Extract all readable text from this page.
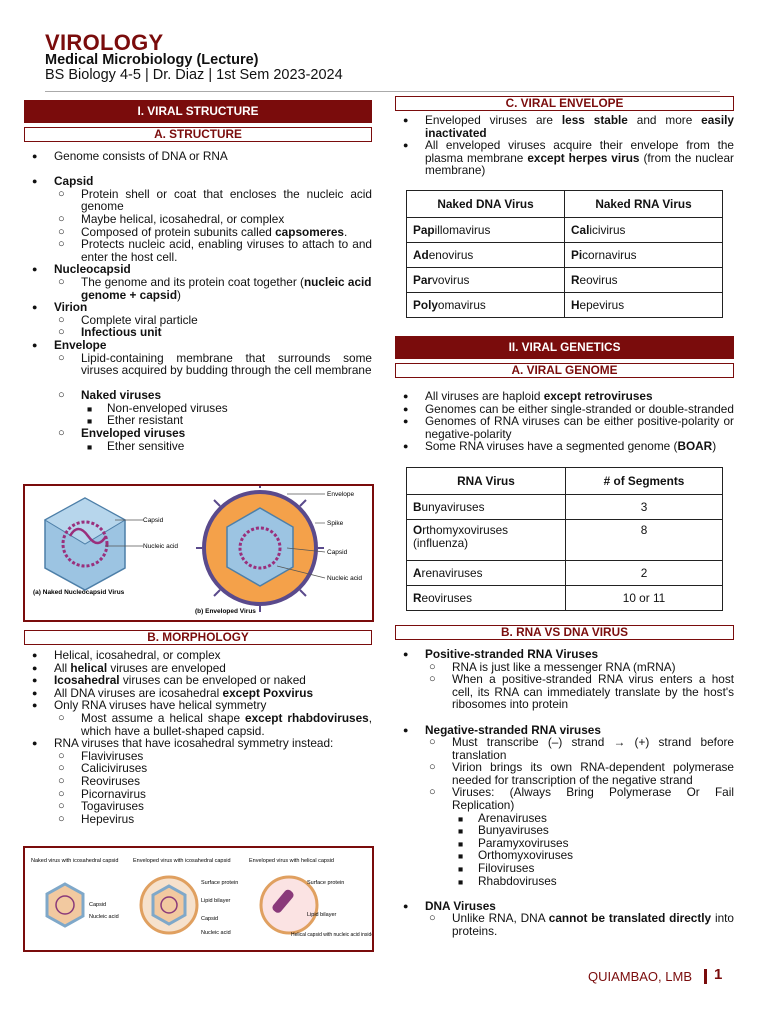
VIROLOGY
Medical Microbiology (Lecture)
BS Biology 4-5 | Dr. Diaz | 1st Sem 2023-2024
I. VIRAL STRUCTURE
A. STRUCTURE
● Genome consists of DNA or RNA
● Capsid
○ Protein shell or coat that encloses the nucleic acid genome
○ Maybe helical, icosahedral, or complex
○ Composed of protein subunits called capsomeres.
○ Protects nucleic acid, enabling viruses to attach to and enter the host cell.
● Nucleocapsid
○ The genome and its protein coat together (nucleic acid genome + capsid)
● Virion
○ Complete viral particle
○ Infectious unit
● Envelope
○ Lipid-containing membrane that surrounds some viruses acquired by budding through the cell membrane
○ Naked viruses
■ Non-enveloped viruses
■ Ether resistant
○ Enveloped viruses
■ Ether sensitive
Capsid
Nucleic acid
Envelope
Spike
Capsid
Nucleic acid
(a) Naked Nucleocapsid Virus
(b) Enveloped Virus
B. MORPHOLOGY
● Helical, icosahedral, or complex
● All helical viruses are enveloped
● Icosahedral viruses can be enveloped or naked
● All DNA viruses are icosahedral except Poxvirus
● Only RNA viruses have helical symmetry
○ Most assume a helical shape except rhabdoviruses, which have a bullet-shaped capsid.
● RNA viruses that have icosahedral symmetry instead:
○ Flaviviruses
○ Caliciviruses
○ Reoviruses
○ Picornavirus
○ Togaviruses
○ Hepevirus
Naked virus with icosahedral capsid	Enveloped virus with icosahedral capsid	Enveloped virus with helical capsid
Capsid
Nucleic acid
Surface protein
Lipid bilayer
Capsid
Nucleic acid
Surface protein
Lipid bilayer
Helical capsid with nucleic acid inside
C. VIRAL ENVELOPE
● Enveloped viruses are less stable and more easily inactivated
● All enveloped viruses acquire their envelope from the plasma membrane except herpes virus (from the nuclear membrane)
Naked DNA Virus	Naked RNA Virus
Papillomavirus	Calicivirus
Adenovirus	Picornavirus
Parvovirus	Reovirus
Polyomavirus	Hepevirus
II. VIRAL GENETICS
A. VIRAL GENOME
● All viruses are haploid except retroviruses
● Genomes can be either single-stranded or double-stranded
● Genomes of RNA viruses can be either positive-polarity or negative-polarity
● Some RNA viruses have a segmented genome (BOAR)
RNA Virus	# of Segments
Bunyaviruses	3
Orthomyxoviruses (influenza)	8
Arenaviruses	2
Reoviruses	10 or 11
B. RNA VS DNA VIRUS
● Positive-stranded RNA Viruses
○ RNA is just like a messenger RNA (mRNA)
○ When a positive-stranded RNA virus enters a host cell, its RNA can immediately translate by the host's ribosomes into protein
● Negative-stranded RNA viruses
○ Must transcribe (–) strand → (+) strand before translation
○ Virion brings its own RNA-dependent polymerase needed for transcription of the negative strand
○ Viruses: (Always Bring Polymerase Or Fail Replication)
■ Arenaviruses
■ Bunyaviruses
■ Paramyxoviruses
■ Orthomyxoviruses
■ Filoviruses
■ Rhabdoviruses
● DNA Viruses
○ Unlike RNA, DNA cannot be translated directly into proteins.
QUIAMBAO, LMB 1
